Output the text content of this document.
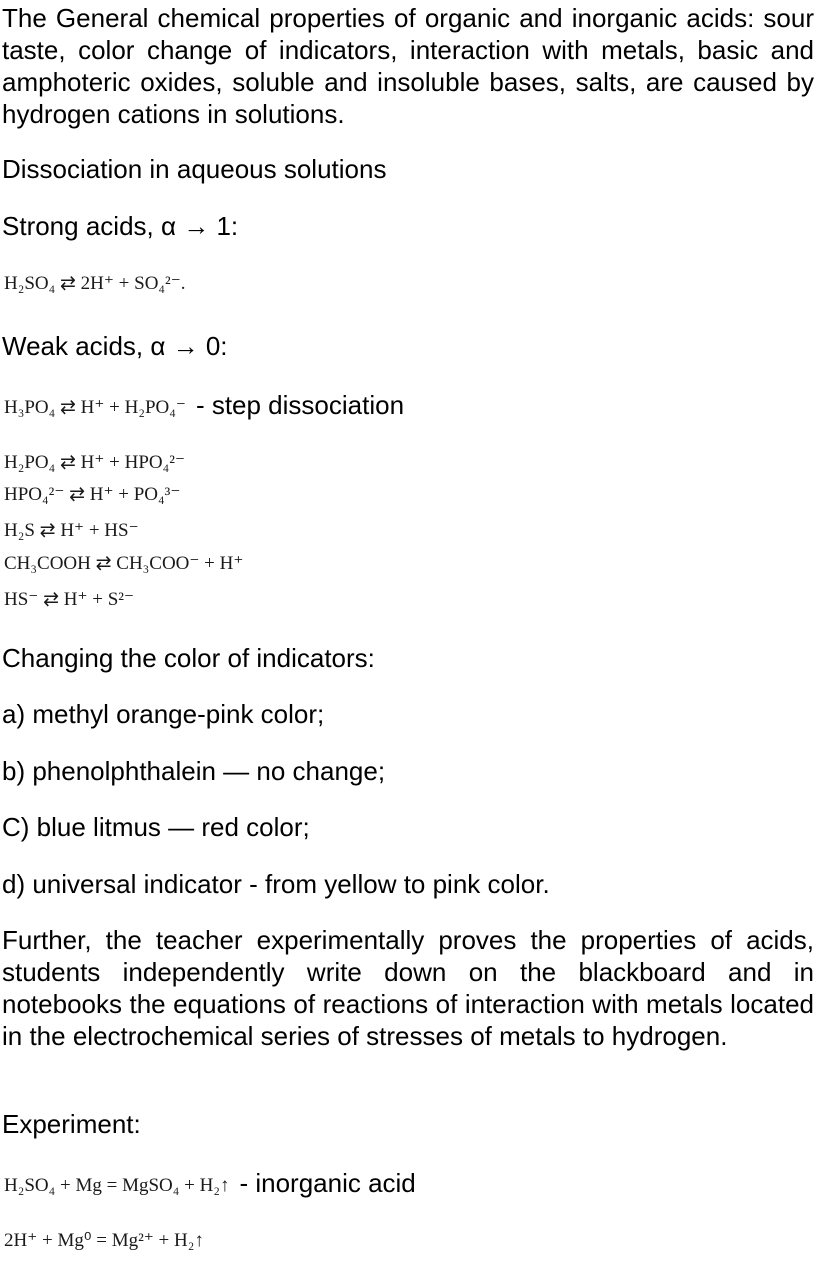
The General chemical properties of organic and inorganic acids: sour taste, color change of indicators, interaction with metals, basic and amphoteric oxides, soluble and insoluble bases, salts, are caused by hydrogen cations in solutions.

Dissociation in aqueous solutions

Strong acids, α → 1:

H₂SO₄ ⇄ 2H⁺ + SO₄²⁻.

Weak acids, α → 0:

H₃PO₄ ⇄ H⁺ + H₂PO₄⁻ - step dissociation
H₂PO₄ ⇄ H⁺ + HPO₄²⁻
HPO₄²⁻ ⇄ H⁺ + PO₄³⁻
H₂S ⇄ H⁺ + HS⁻
CH₃COOH ⇄ CH₃COO⁻ + H⁺
HS⁻ ⇄ H⁺ + S²⁻

Changing the color of indicators:

a) methyl orange-pink color;

b) phenolphthalein — no change;

C) blue litmus — red color;

d) universal indicator - from yellow to pink color.

Further, the teacher experimentally proves the properties of acids, students independently write down on the blackboard and in notebooks the equations of reactions of interaction with metals located in the electrochemical series of stresses of metals to hydrogen.

Experiment:

H₂SO₄ + Mg = MgSO₄ + H₂↑ - inorganic acid
2H⁺ + Mg⁰ = Mg²⁺ + H₂↑
